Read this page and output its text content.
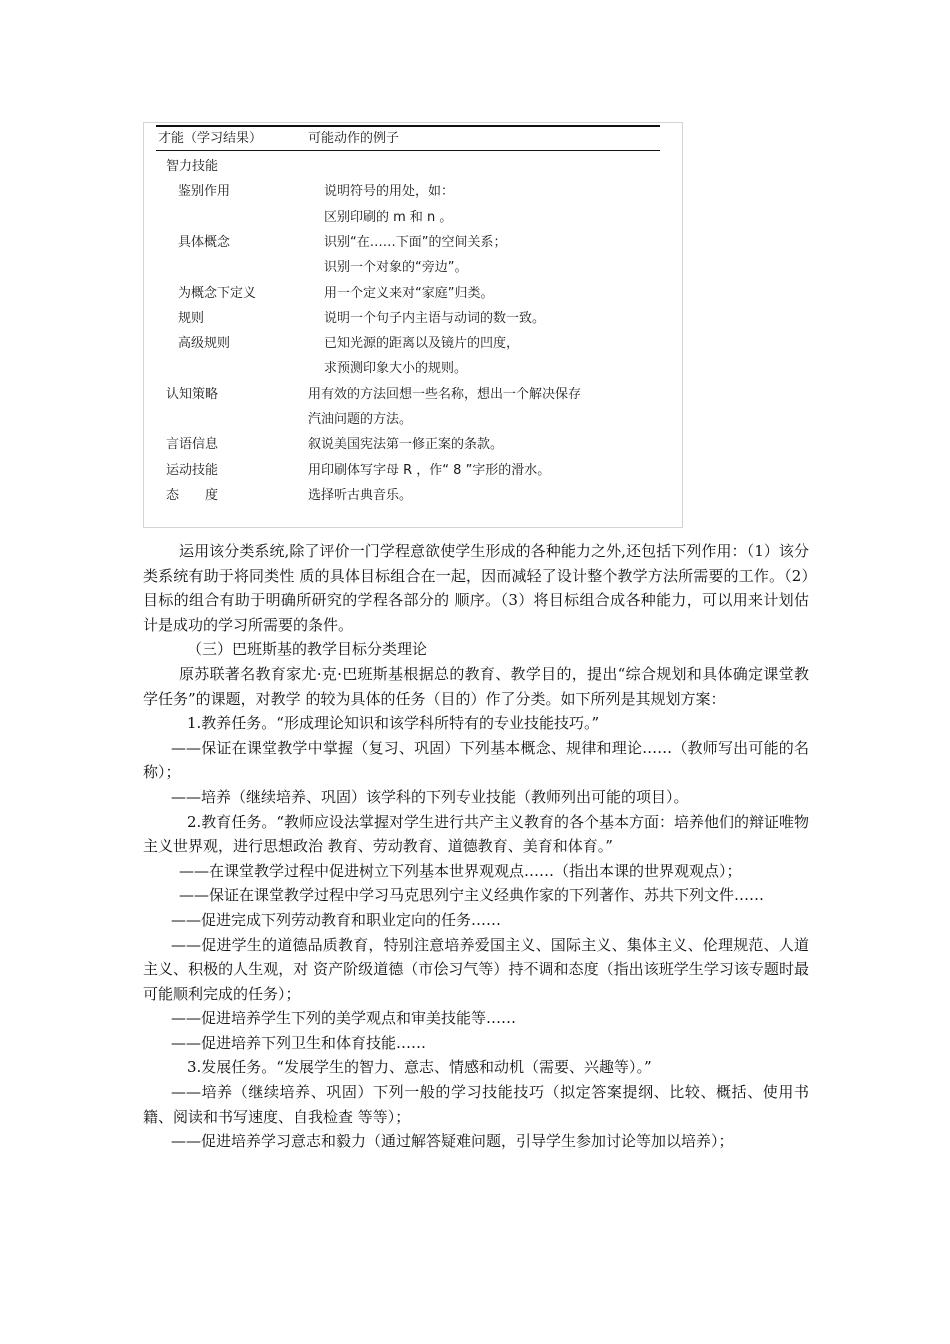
才能（学习结果）	可能动作的例子
智力技能
鉴别作用	说明符号的用处，如：
区别印刷的 m 和 n 。
具体概念	识别“在……下面”的空间关系；
识别一个对象的“旁边”。
为概念下定义	用一个定义来对“家庭”归类。
规则	说明一个句子内主语与动词的数一致。
高级规则	已知光源的距离以及镜片的凹度，
求预测印象大小的规则。
认知策略	用有效的方法回想一些名称，想出一个解决保存
汽油问题的方法。
言语信息	叙说美国宪法第一修正案的条款。
运动技能	用印刷体写字母 R ，作“ 8 ”字形的滑水。
态　　度	选择听古典音乐。

运用该分类系统,除了评价一门学程意欲使学生形成的各种能力之外,还包括下列作用：（1）该分类系统有助于将同类性 质的具体目标组合在一起，因而减轻了设计整个教学方法所需要的工作。（2）目标的组合有助于明确所研究的学程各部分的 顺序。（3）将目标组合成各种能力，可以用来计划估计是成功的学习所需要的条件。

（三）巴班斯基的教学目标分类理论

原苏联著名教育家尤·克·巴班斯基根据总的教育、教学目的，提出“综合规划和具体确定课堂教学任务”的课题，对教学 的较为具体的任务（目的）作了分类。如下所列是其规划方案：

1.教养任务。“形成理论知识和该学科所特有的专业技能技巧。”

——保证在课堂教学中掌握（复习、巩固）下列基本概念、规律和理论……（教师写出可能的名称）；

——培养（继续培养、巩固）该学科的下列专业技能（教师列出可能的项目）。

2.教育任务。“教师应设法掌握对学生进行共产主义教育的各个基本方面：培养他们的辩证唯物主义世界观，进行思想政治 教育、劳动教育、道德教育、美育和体育。”

——在课堂教学过程中促进树立下列基本世界观观点……（指出本课的世界观观点）；

——保证在课堂教学过程中学习马克思列宁主义经典作家的下列著作、苏共下列文件……

——促进完成下列劳动教育和职业定向的任务……

——促进学生的道德品质教育，特别注意培养爱国主义、国际主义、集体主义、伦理规范、人道主义、积极的人生观，对 资产阶级道德（市侩习气等）持不调和态度（指出该班学生学习该专题时最可能顺利完成的任务）；

——促进培养学生下列的美学观点和审美技能等……

——促进培养下列卫生和体育技能……

3.发展任务。“发展学生的智力、意志、情感和动机（需要、兴趣等）。”

——培养（继续培养、巩固）下列一般的学习技能技巧（拟定答案提纲、比较、概括、使用书籍、阅读和书写速度、自我检查 等等）；

——促进培养学习意志和毅力（通过解答疑难问题，引导学生参加讨论等加以培养）；
